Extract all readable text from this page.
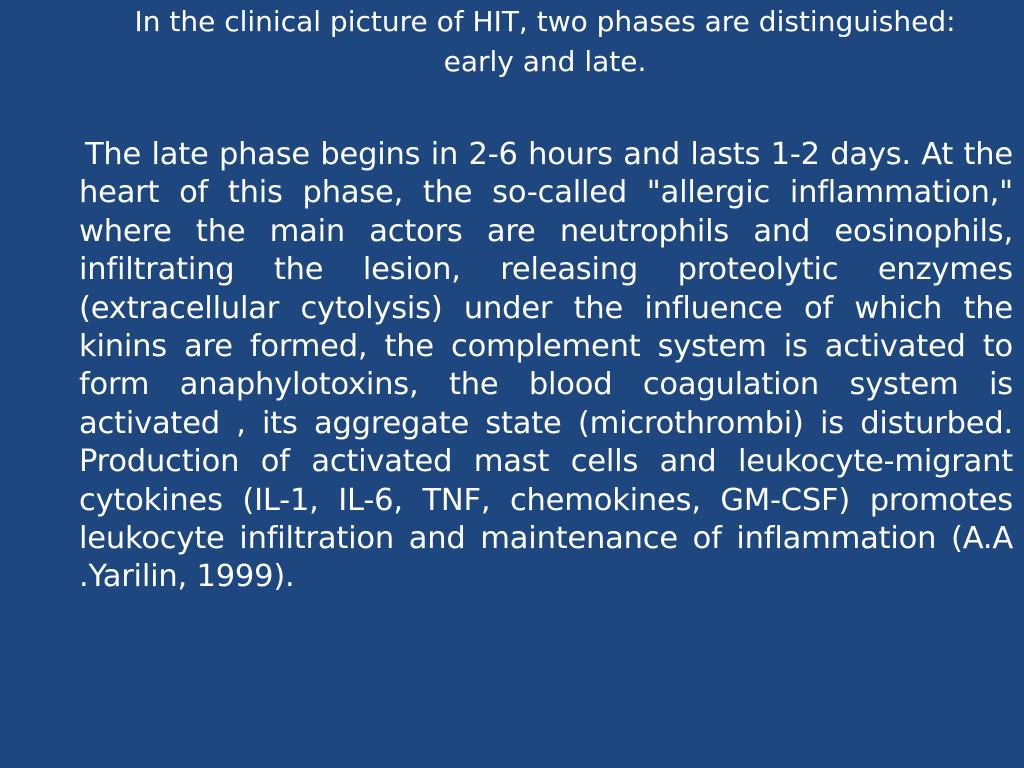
In the clinical picture of HIT, two phases are distinguished:
early and late.

The late phase begins in 2-6 hours and lasts 1-2 days. At the heart of this phase, the so-called "allergic inflammation," where the main actors are neutrophils and eosinophils, infiltrating the lesion, releasing proteolytic enzymes (extracellular cytolysis) under the influence of which the kinins are formed, the complement system is activated to form anaphylotoxins, the blood coagulation system is activated , its aggregate state (microthrombi) is disturbed. Production of activated mast cells and leukocyte-migrant cytokines (IL-1, IL-6, TNF, chemokines, GM-CSF) promotes leukocyte infiltration and maintenance of inflammation (A.A .Yarilin, 1999).
